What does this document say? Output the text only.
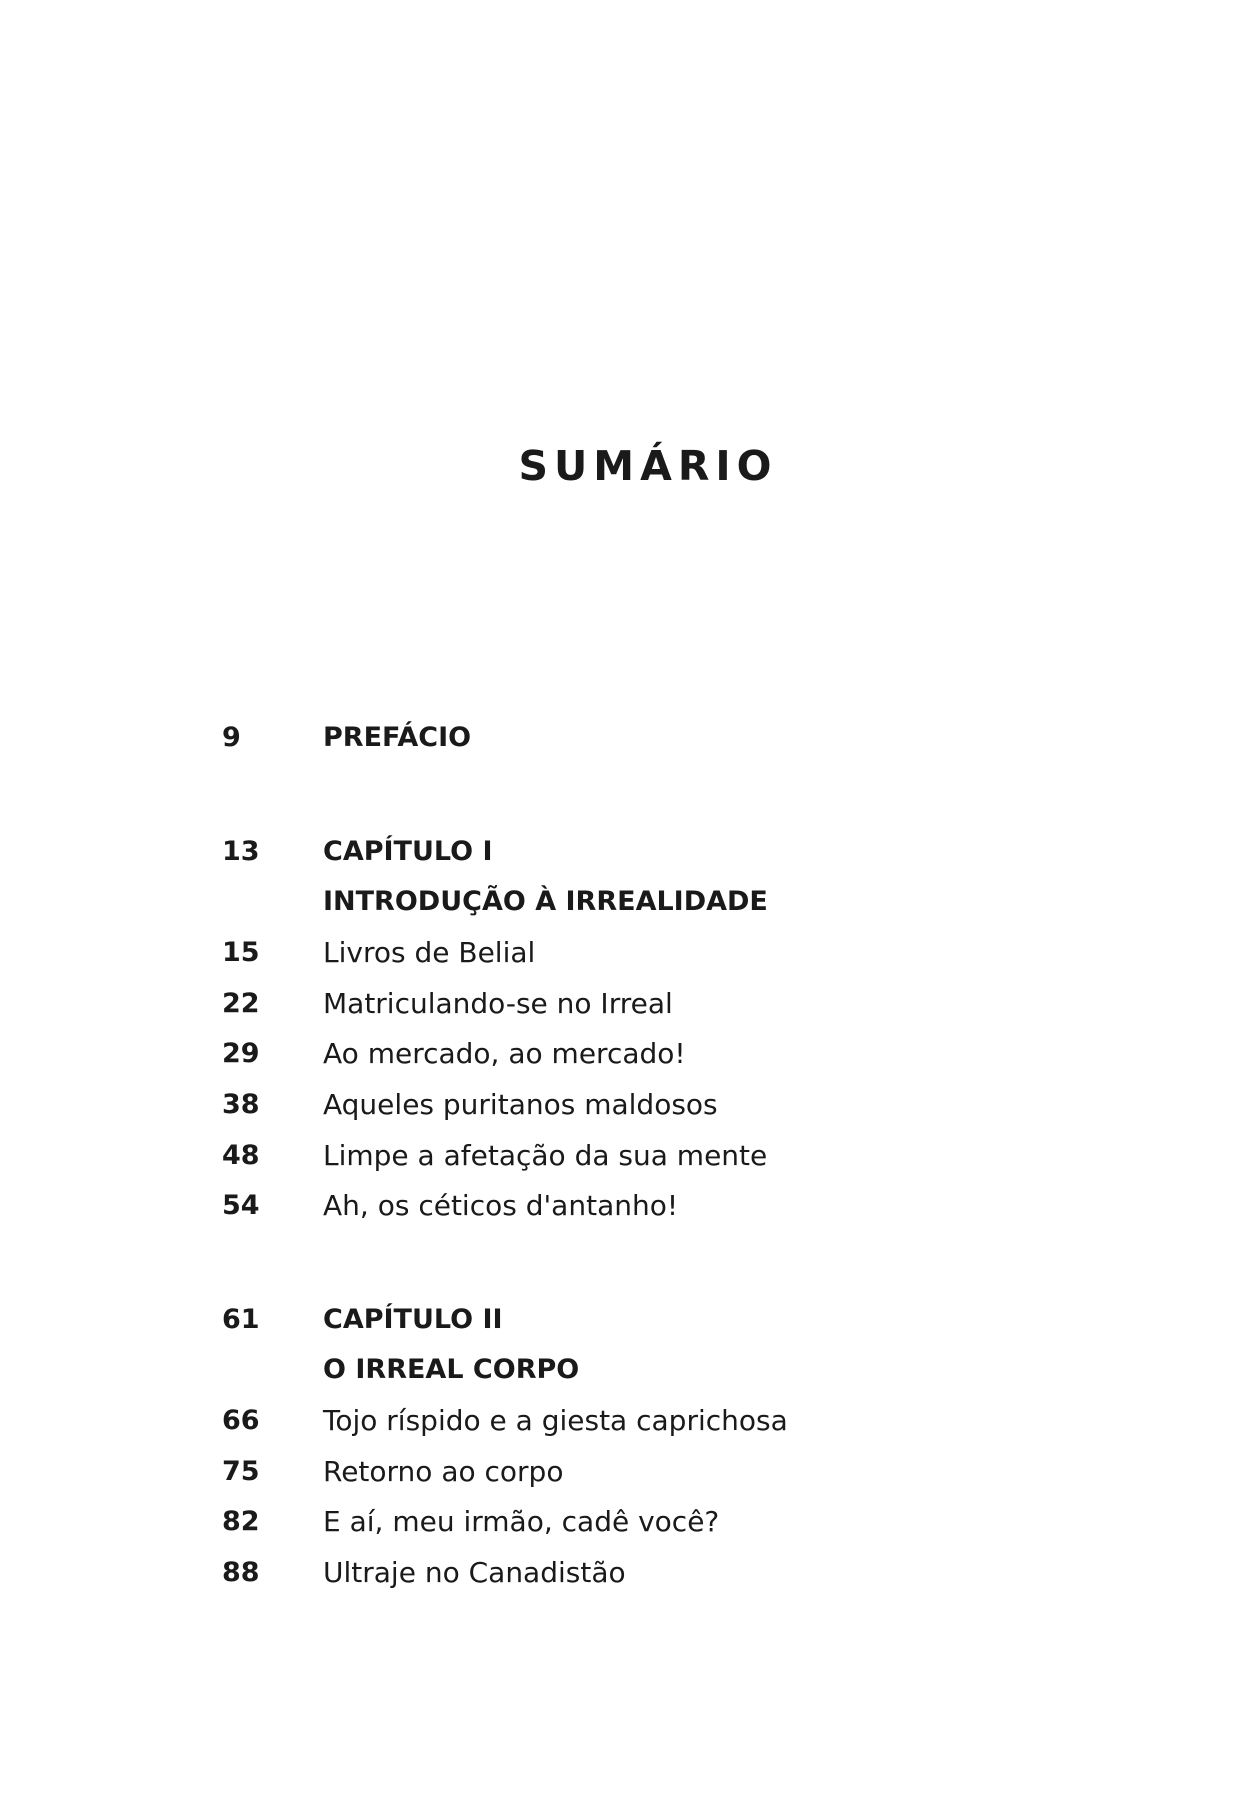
SUMÁRIO
9	PREFÁCIO
13 CAPÍTULO I
INTRODUÇÃO À IRREALIDADE
15 Livros de Belial
22 Matriculando-se no Irreal
29 Ao mercado, ao mercado!
38 Aqueles puritanos maldosos
48 Limpe a afetação da sua mente
54 Ah, os céticos d'antanho!
61 CAPÍTULO II
O IRREAL CORPO
66 Tojo ríspido e a giesta caprichosa
75 Retorno ao corpo
82 E aí, meu irmão, cadê você?
88 Ultraje no Canadistão
